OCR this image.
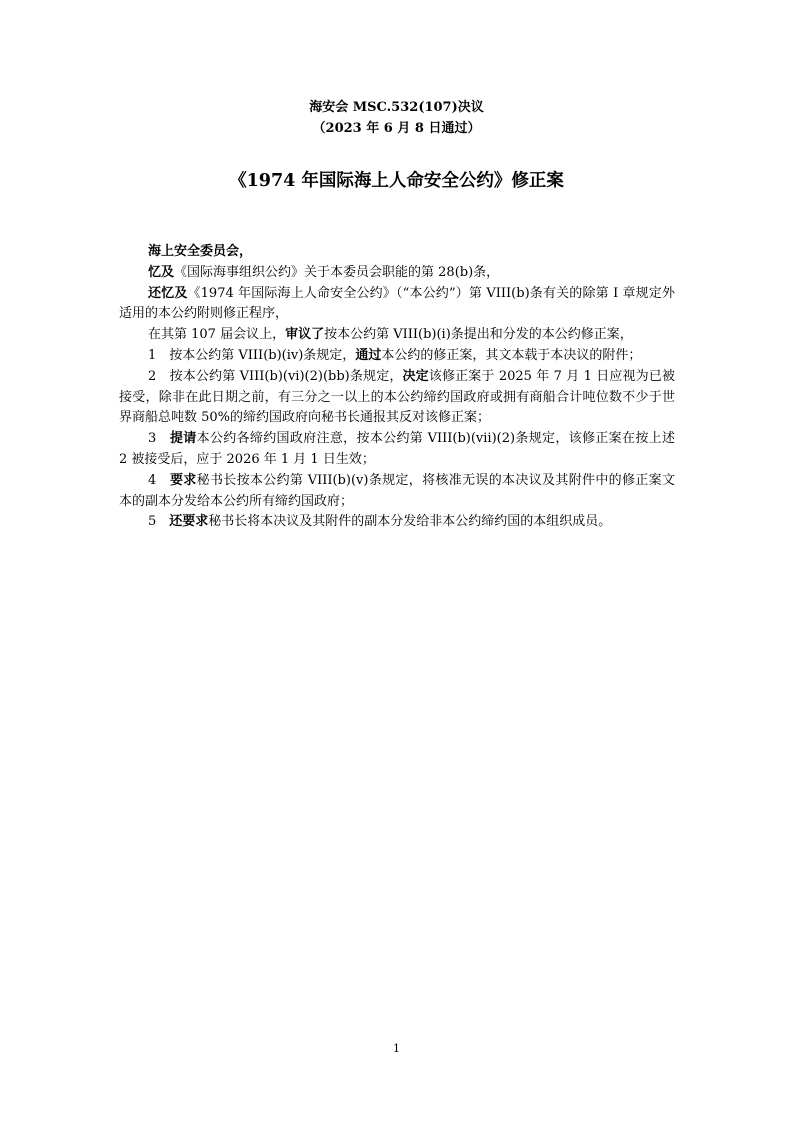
海安会 MSC.532(107)决议
（2023 年 6 月 8 日通过）
《1974 年国际海上人命安全公约》修正案

海上安全委员会，

忆及《国际海事组织公约》关于本委员会职能的第 28(b)条，

还忆及《1974 年国际海上人命安全公约》（“本公约”）第 VIII(b)条有关的除第 I 章规定外适用的本公约附则修正程序，

在其第 107 届会议上，审议了按本公约第 VIII(b)(i)条提出和分发的本公约修正案，

1　按本公约第 VIII(b)(iv)条规定，通过本公约的修正案，其文本载于本决议的附件；

2　按本公约第 VIII(b)(vi)(2)(bb)条规定，决定该修正案于 2025 年 7 月 1 日应视为已被接受，除非在此日期之前，有三分之一以上的本公约缔约国政府或拥有商船合计吨位数不少于世界商船总吨数 50%的缔约国政府向秘书长通报其反对该修正案；

3　提请本公约各缔约国政府注意，按本公约第 VIII(b)(vii)(2)条规定，该修正案在按上述 2 被接受后，应于 2026 年 1 月 1 日生效；

4　要求秘书长按本公约第 VIII(b)(v)条规定，将核准无误的本决议及其附件中的修正案文本的副本分发给本公约所有缔约国政府；

5　还要求秘书长将本决议及其附件的副本分发给非本公约缔约国的本组织成员。

1
